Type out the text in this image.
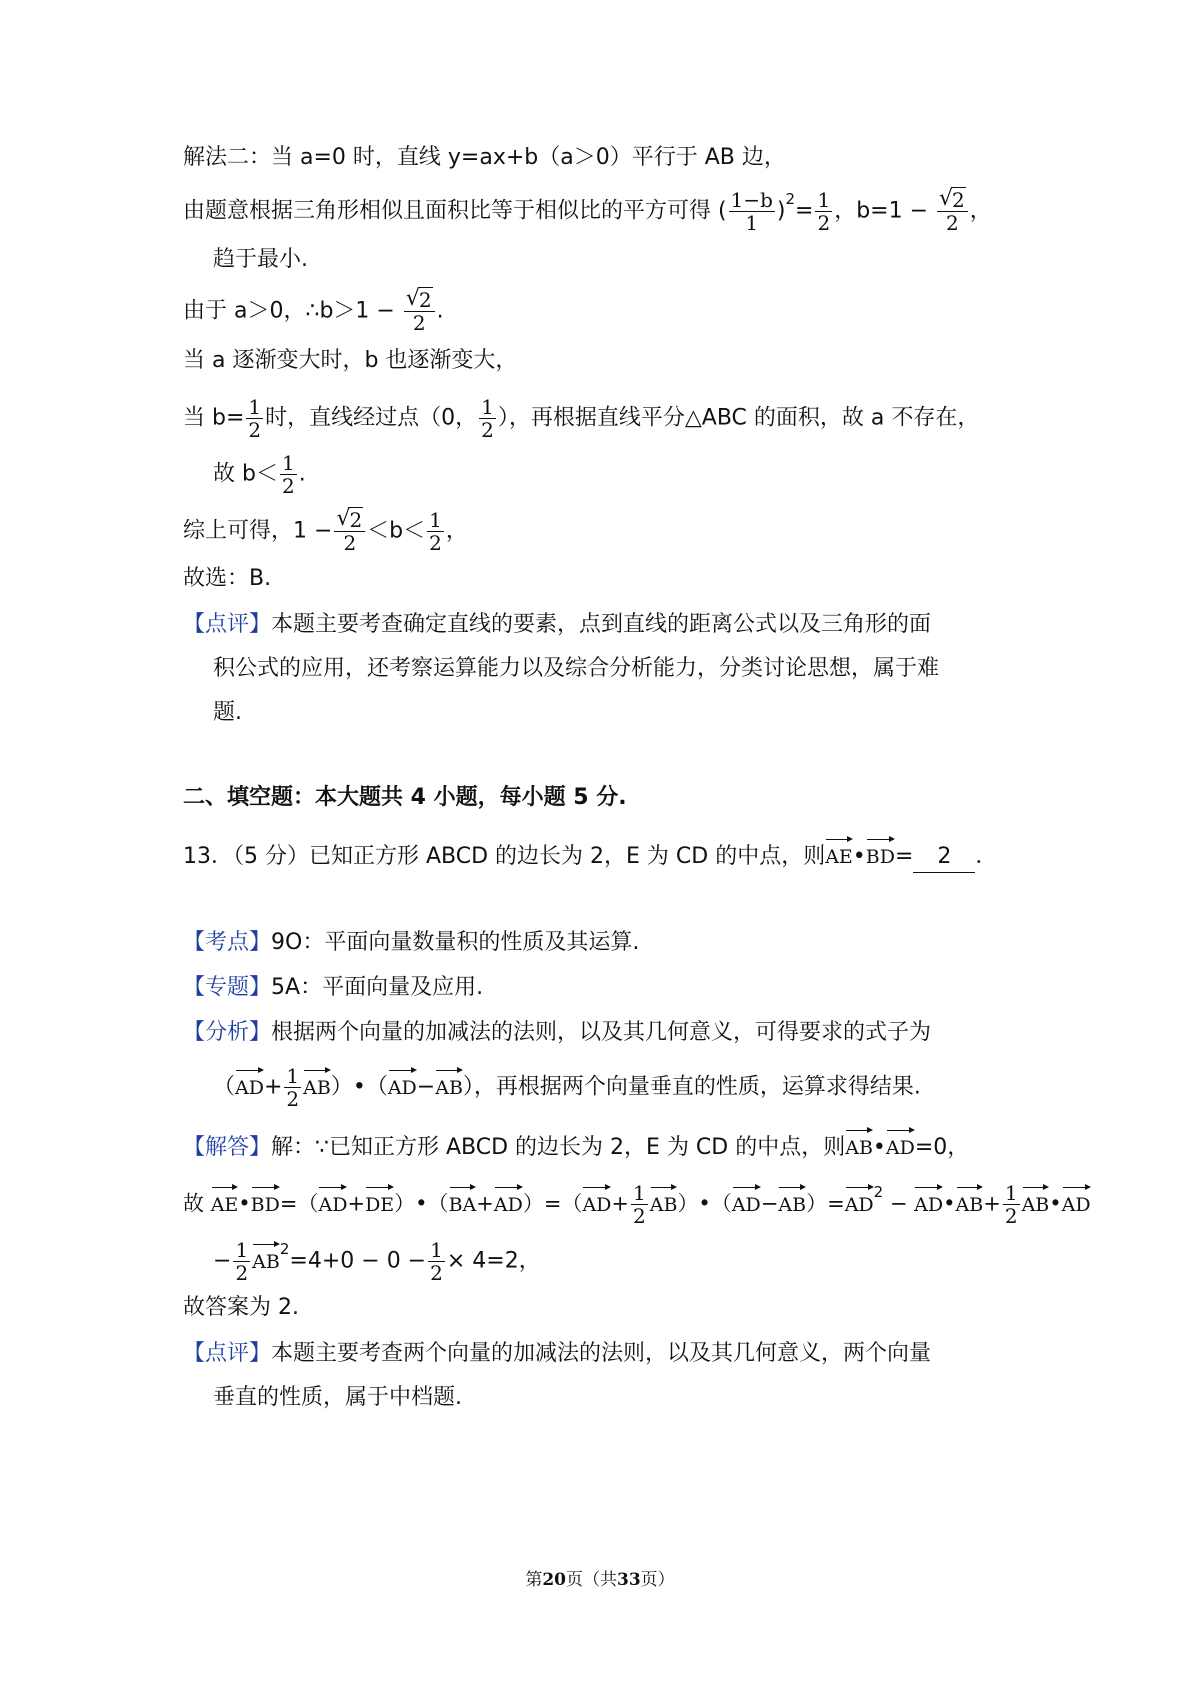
解法二：当 a=0 时，直线 y=ax+b（a＞0）平行于 AB 边，
由题意根据三角形相似且面积比等于相似比的平方可得 ( $\frac{1-b}{1} )^2= \frac{1}{2}$ ，b=1 − √ $\frac{2}{2}$ ，
趋于最小.
由于 a＞0，∴b＞1 − √ $\frac{2}{2}$ .
当 a 逐渐变大时，b 也逐渐变大，
当 $b= \frac{1}{2}$ 时，直线经过点（0， $\frac{1}{2}$ ），再根据直线平分△ABC 的面积，故 a 不存在，
故 $b< \frac{1}{2}$ .
综上可得，1 − √ $\frac{2}{2} <b< \frac{1}{2}$ ，
故选：B.
【点评】本题主要考查确定直线的要素，点到直线的距离公式以及三角形的面
积公式的应用，还考察运算能力以及综合分析能力，分类讨论思想，属于难
题.
二、填空题：本大题共 4 小题，每小题 5 分.
13．（5 分）已知正方形 ABCD 的边长为 2，E 为 CD 的中点，则AE•BD= 2 ．
【考点】9O：平面向量数量积的性质及其运算.
【专题】5A：平面向量及应用.
【分析】根据两个向量的加减法的法则，以及其几何意义，可得要求的式子为
（$AD+ \frac{1}{2}$ AB）•（AD−AB），再根据两个向量垂直的性质，运算求得结果.
【解答】解：∵已知正方形 ABCD 的边长为 2，E 为 CD 的中点，则AB•AD=0，
故 AE•BD=（AD+DE）•（BA+AD）=（AD+ $\frac{1}{2}$ $AB)•(AD-AB)=AD^2$ − AD•AB+ $\frac{1}{2}$ AB•AD
− $\frac{1}{2} AB^2=4+0 - 0 - \frac{1}{2} \times 4=2$，
故答案为 2.
【点评】本题主要考查两个向量的加减法的法则，以及其几何意义，两个向量
垂直的性质，属于中档题.
第20页（共33页）
